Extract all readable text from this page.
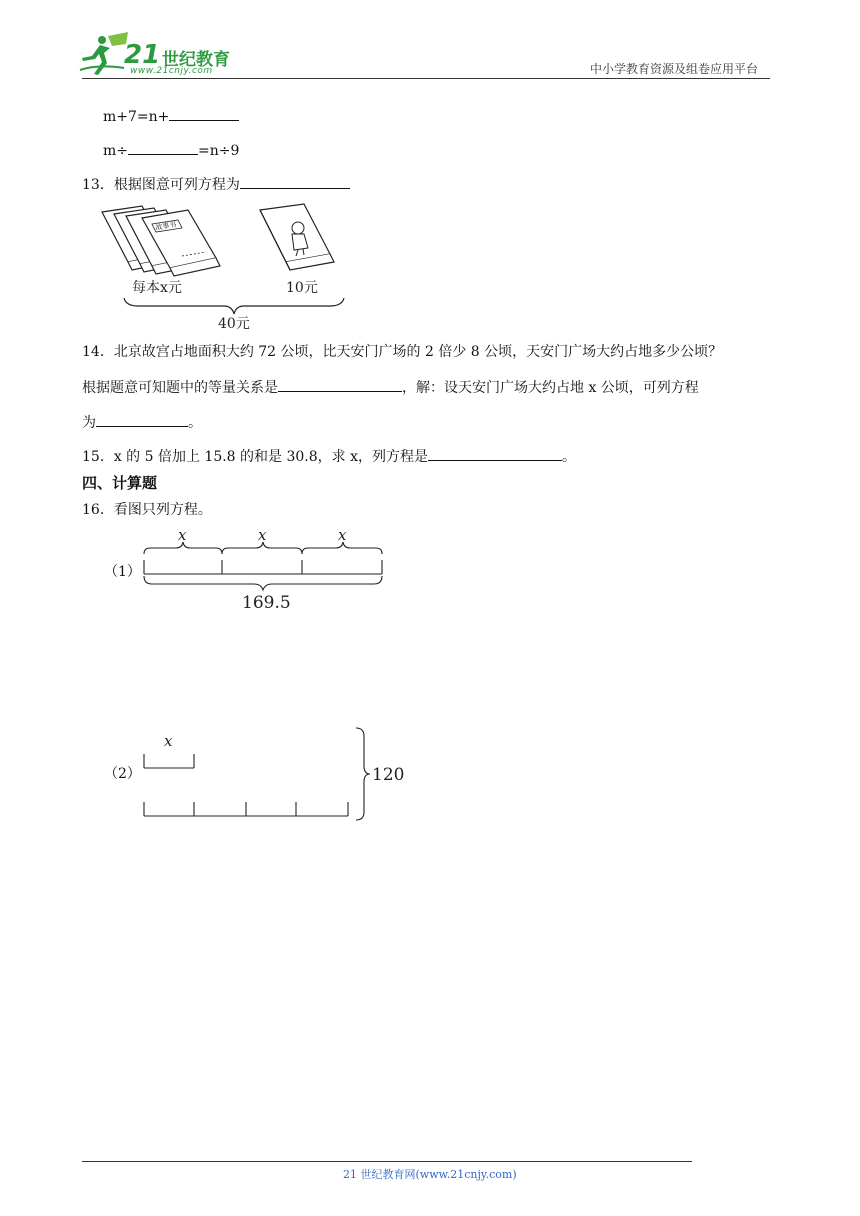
21 世纪教育
www.21cnjy.com	中小学教育资源及组卷应用平台
m+7=n+
m÷	=n÷9
13．根据图意可列方程为
故事书
每本x元	10元
40元
14．北京故宫占地面积大约 72 公顷，比天安门广场的 2 倍少 8 公顷，天安门广场大约占地多少公顷？
根据题意可知题中的等量关系是	，解：设天安门广场大约占地 x 公顷，可列方程
为	。
15．x 的 5 倍加上 15.8 的和是 30.8，求 x，列方程是	。
四、计算题
16．看图只列方程。
（1）
x	x	x
169.5
（2）
x
120
21 世纪教育网(www.21cnjy.com)
